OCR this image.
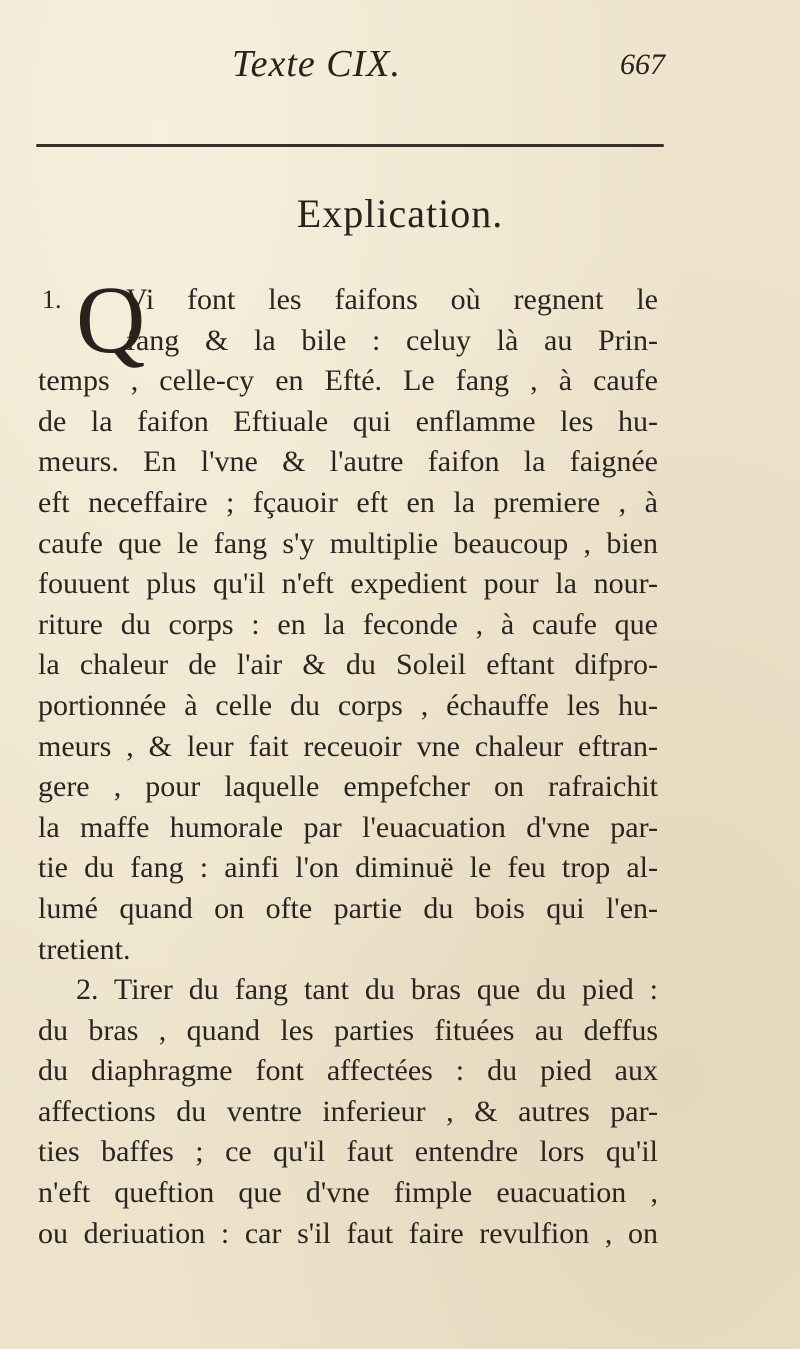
Texte CIX.	667
Explication.
1. Q
Vi font les faifons où regnent le
fang & la bile : celuy là au Prin-
temps , celle-cy en Efté. Le fang , à caufe
de la faifon Eftiuale qui enflamme les hu-
meurs. En l'vne & l'autre faifon la faignée
eft neceffaire ; fçauoir eft en la premiere , à
caufe que le fang s'y multiplie beaucoup , bien
fouuent plus qu'il n'eft expedient pour la nour-
riture du corps : en la feconde , à caufe que
la chaleur de l'air & du Soleil eftant difpro-
portionnée à celle du corps , échauffe les hu-
meurs , & leur fait receuoir vne chaleur eftran-
gere , pour laquelle empefcher on rafraichit
la maffe humorale par l'euacuation d'vne par-
tie du fang : ainfi l'on diminuë le feu trop al-
lumé quand on ofte partie du bois qui l'en-
tretient.
2. Tirer du fang tant du bras que du pied :
du bras , quand les parties fituées au deffus
du diaphragme font affectées : du pied aux
affections du ventre inferieur , & autres par-
ties baffes ; ce qu'il faut entendre lors qu'il
n'eft queftion que d'vne fimple euacuation ,
ou deriuation : car s'il faut faire revulfion , on
